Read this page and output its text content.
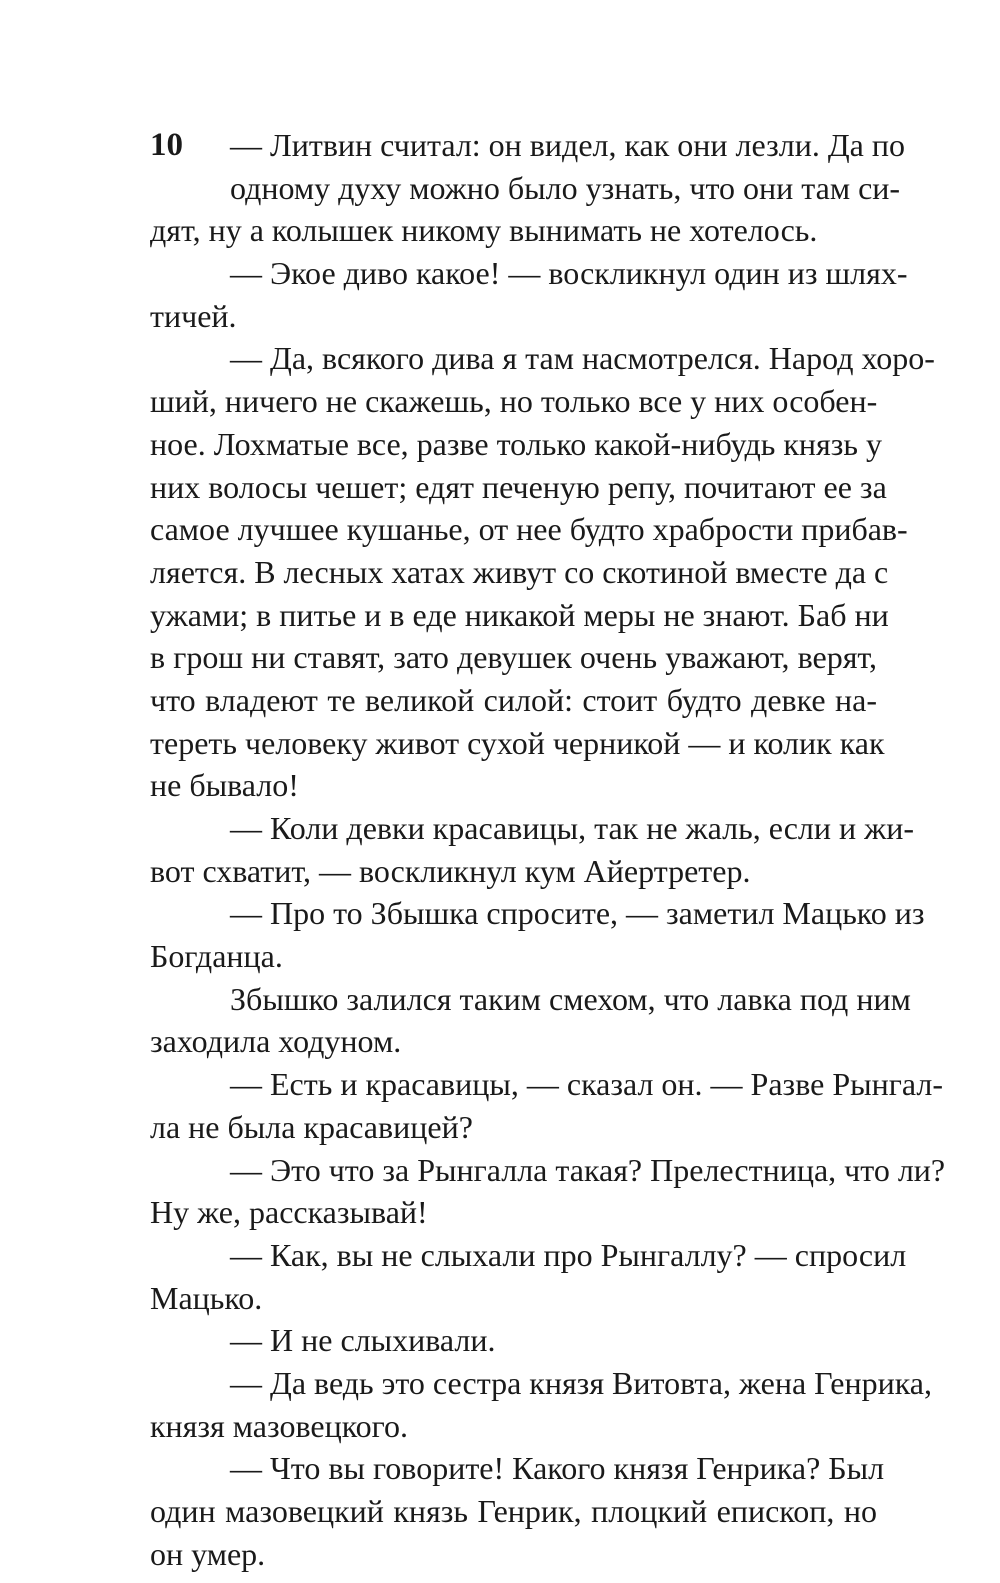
10	— Литвин считал: он видел, как они лезли. Да по
одному духу можно было узнать, что они там си-
дят, ну а колышек никому вынимать не хотелось.
— Экое диво какое! — воскликнул один из шлях-
тичей.
— Да, всякого дива я там насмотрелся. Народ хоро-
ший, ничего не скажешь, но только все у них особен-
ное. Лохматые все, разве только какой-нибудь князь у
них волосы чешет; едят печеную репу, почитают ее за
самое лучшее кушанье, от нее будто храбрости прибав-
ляется. В лесных хатах живут со скотиной вместе да с
ужами; в питье и в еде никакой меры не знают. Баб ни
в грош ни ставят, зато девушек очень уважают, верят,
что владеют те великой силой: стоит будто девке на-
тереть человеку живот сухой черникой — и колик как
не бывало!
— Коли девки красавицы, так не жаль, если и жи-
вот схватит, — воскликнул кум Айертретер.
— Про то Збышка спросите, — заметил Мацько из
Богданца.
Збышко залился таким смехом, что лавка под ним
заходила ходуном.
— Есть и красавицы, — сказал он. — Разве Рынгал-
ла не была красавицей?
— Это что за Рынгалла такая? Прелестница, что ли?
Ну же, рассказывай!
— Как, вы не слыхали про Рынгаллу? — спросил
Мацько.
— И не слыхивали.
— Да ведь это сестра князя Витовта, жена Генрика,
князя мазовецкого.
— Что вы говорите! Какого князя Генрика? Был
один мазовецкий князь Генрик, плоцкий епископ, но
он умер.
